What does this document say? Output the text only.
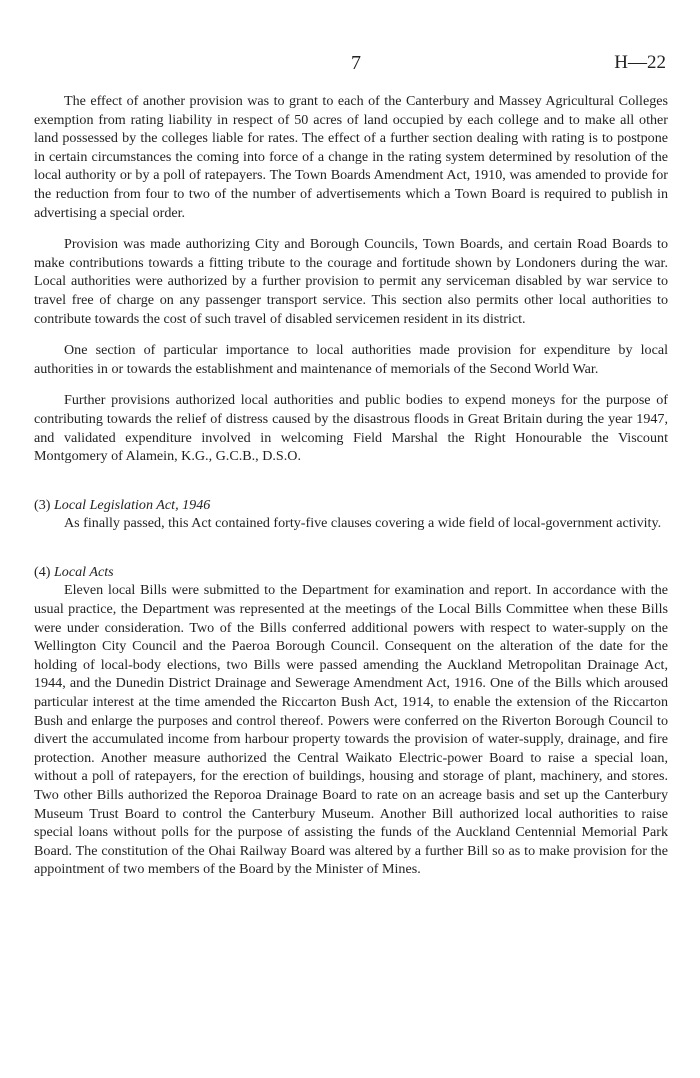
7	H—22

The effect of another provision was to grant to each of the Canterbury and Massey Agricultural Colleges exemption from rating liability in respect of 50 acres of land occupied by each college and to make all other land possessed by the colleges liable for rates. The effect of a further section dealing with rating is to postpone in certain circumstances the coming into force of a change in the rating system determined by resolution of the local authority or by a poll of ratepayers. The Town Boards Amendment Act, 1910, was amended to provide for the reduction from four to two of the number of advertisements which a Town Board is required to publish in advertising a special order.

Provision was made authorizing City and Borough Councils, Town Boards, and certain Road Boards to make contributions towards a fitting tribute to the courage and fortitude shown by Londoners during the war. Local authorities were authorized by a further provision to permit any serviceman disabled by war service to travel free of charge on any passenger transport service. This section also permits other local authorities to contribute towards the cost of such travel of disabled servicemen resident in its district.

One section of particular importance to local authorities made provision for expenditure by local authorities in or towards the establishment and maintenance of memorials of the Second World War.

Further provisions authorized local authorities and public bodies to expend moneys for the purpose of contributing towards the relief of distress caused by the disastrous floods in Great Britain during the year 1947, and validated expenditure involved in welcoming Field Marshal the Right Honourable the Viscount Montgomery of Alamein, K.G., G.C.B., D.S.O.

(3) Local Legislation Act, 1946

As finally passed, this Act contained forty-five clauses covering a wide field of local-government activity.

(4) Local Acts

Eleven local Bills were submitted to the Department for examination and report. In accordance with the usual practice, the Department was represented at the meetings of the Local Bills Committee when these Bills were under consideration. Two of the Bills conferred additional powers with respect to water-supply on the Wellington City Council and the Paeroa Borough Council. Consequent on the alteration of the date for the holding of local-body elections, two Bills were passed amending the Auckland Metropolitan Drainage Act, 1944, and the Dunedin District Drainage and Sewerage Amendment Act, 1916. One of the Bills which aroused particular interest at the time amended the Riccarton Bush Act, 1914, to enable the extension of the Riccarton Bush and enlarge the purposes and control thereof. Powers were conferred on the Riverton Borough Council to divert the accumulated income from harbour property towards the provision of water-supply, drainage, and fire protection. Another measure authorized the Central Waikato Electric-power Board to raise a special loan, without a poll of ratepayers, for the erection of buildings, housing and storage of plant, machinery, and stores. Two other Bills authorized the Reporoa Drainage Board to rate on an acreage basis and set up the Canterbury Museum Trust Board to control the Canterbury Museum. Another Bill authorized local authorities to raise special loans without polls for the purpose of assisting the funds of the Auckland Centennial Memorial Park Board. The constitution of the Ohai Railway Board was altered by a further Bill so as to make provision for the appointment of two members of the Board by the Minister of Mines.
